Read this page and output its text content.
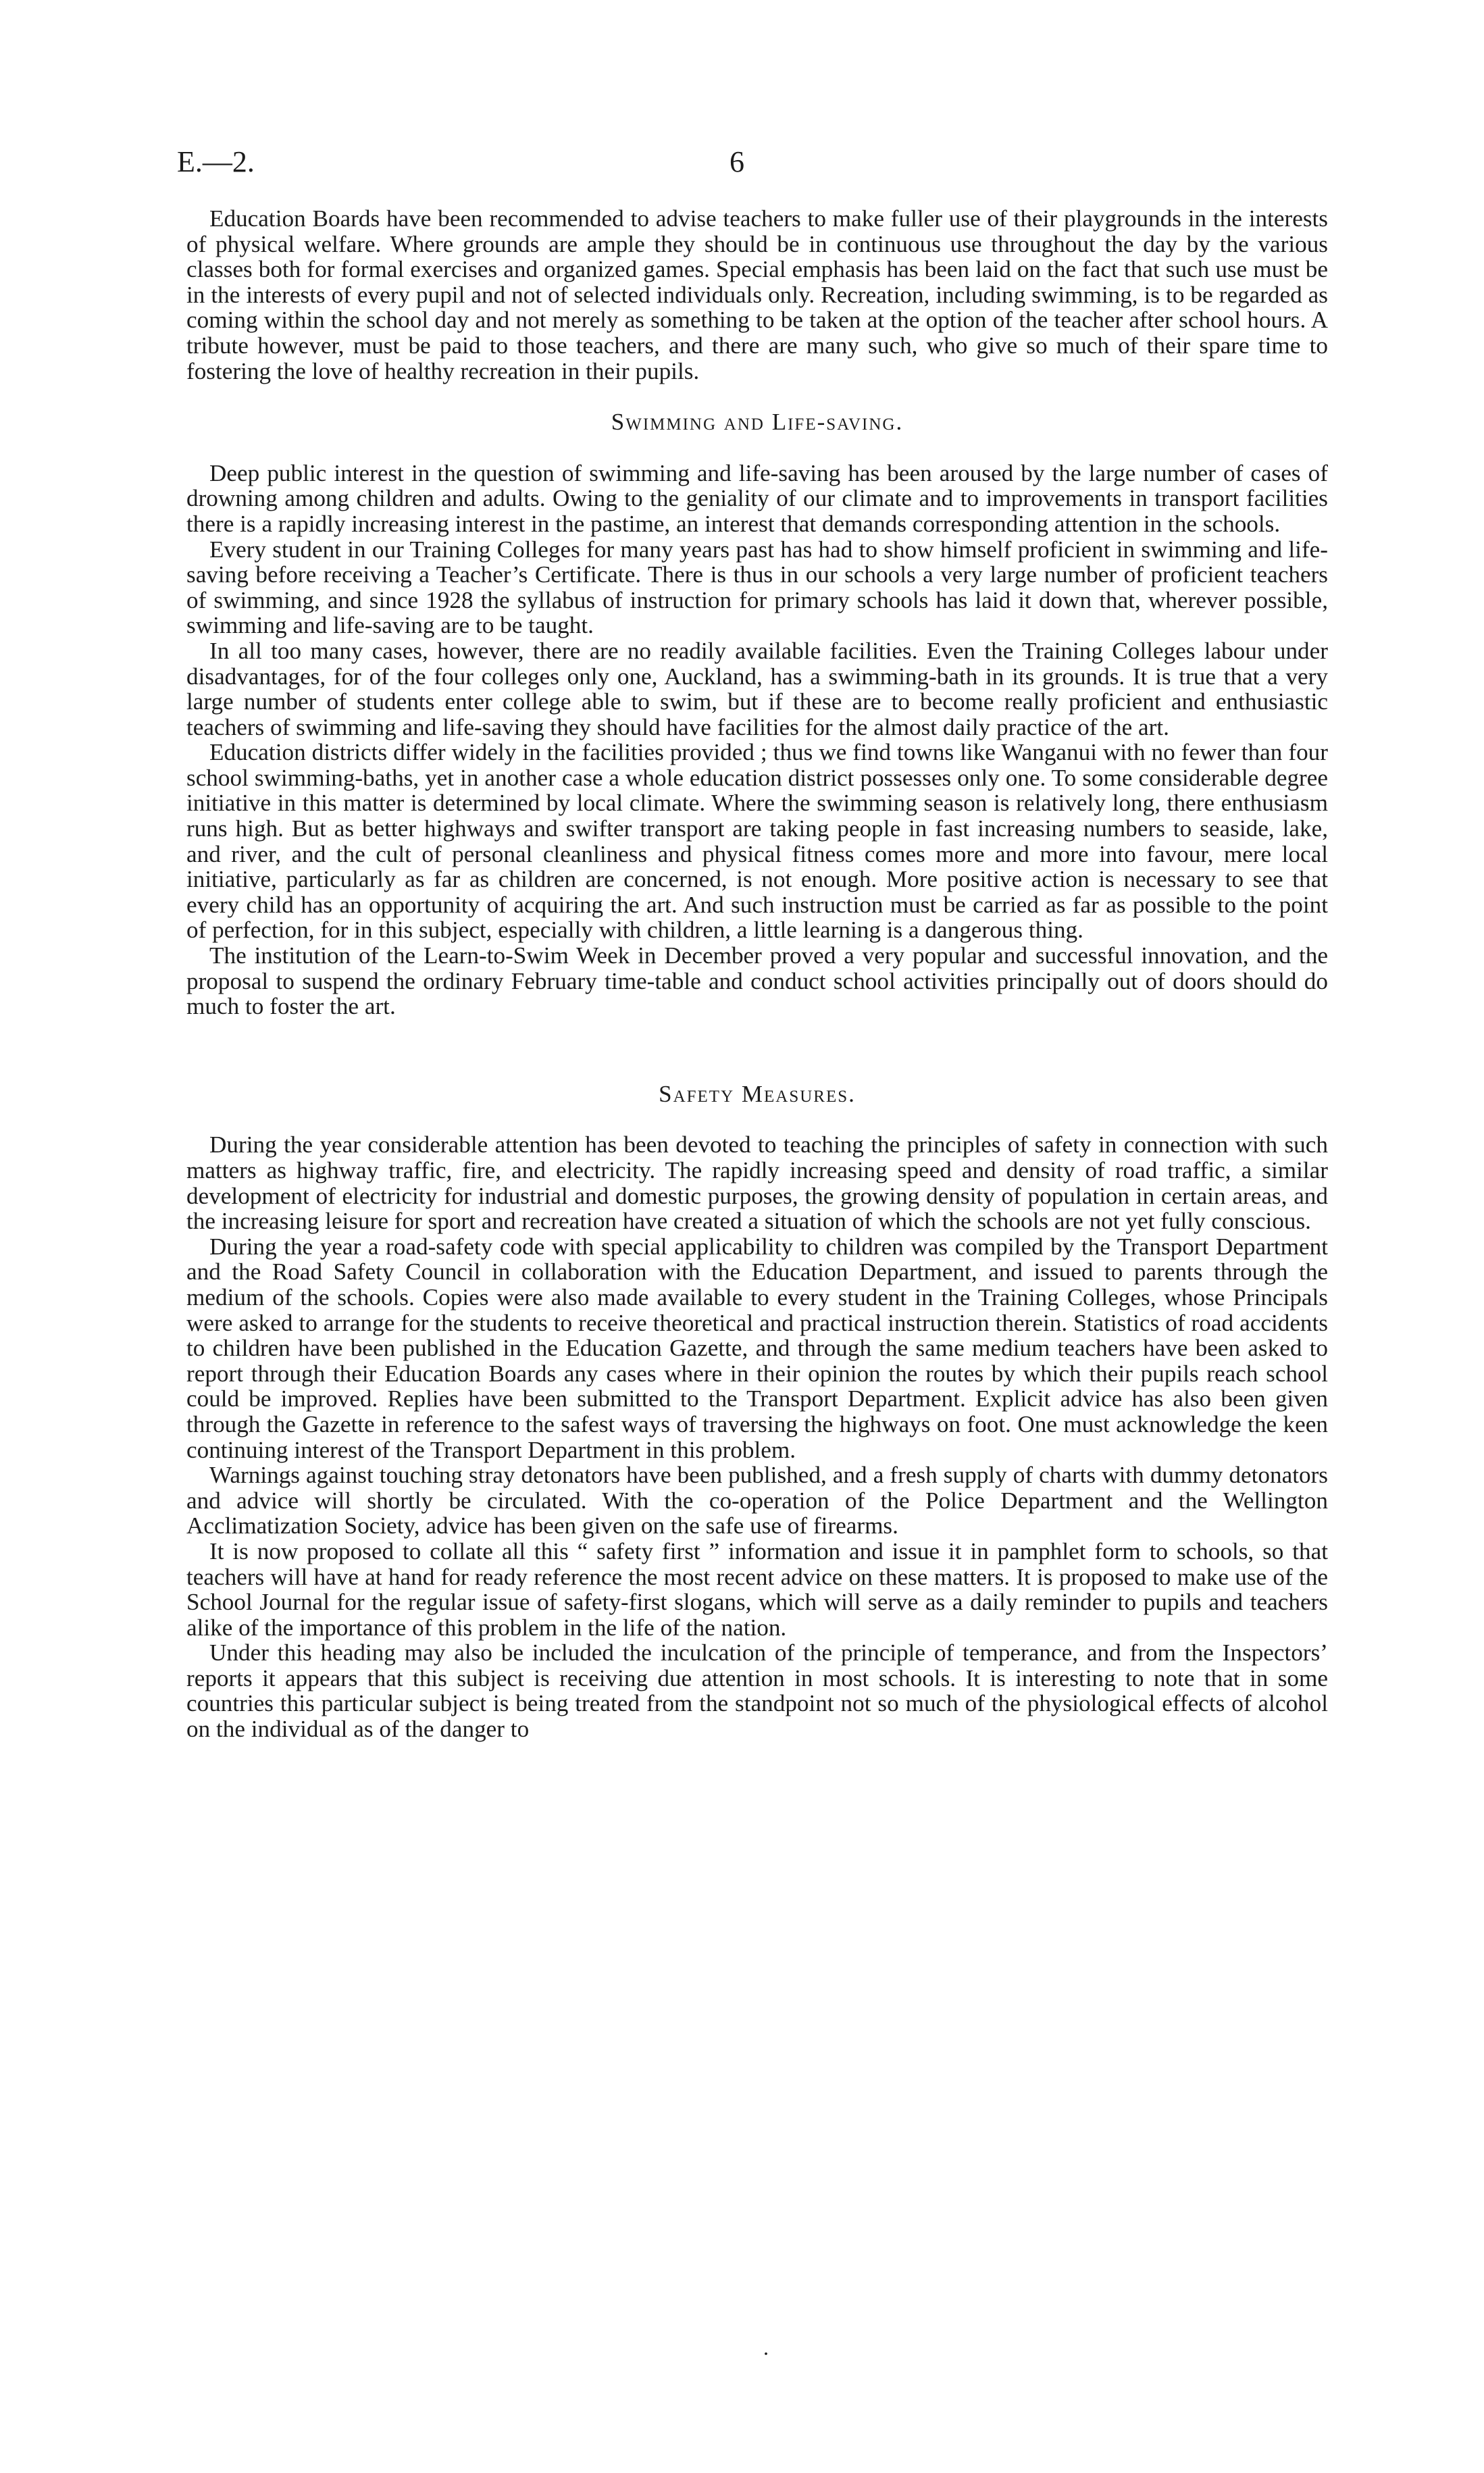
E.—2.	6

Education Boards have been recommended to advise teachers to make fuller use of their playgrounds in the interests of physical welfare. Where grounds are ample they should be in continuous use throughout the day by the various classes both for formal exercises and organized games. Special emphasis has been laid on the fact that such use must be in the interests of every pupil and not of selected individuals only. Recreation, including swimming, is to be regarded as coming within the school day and not merely as something to be taken at the option of the teacher after school hours. A tribute however, must be paid to those teachers, and there are many such, who give so much of their spare time to fostering the love of healthy recreation in their pupils.

Swimming and Life-saving.

Deep public interest in the question of swimming and life-saving has been aroused by the large number of cases of drowning among children and adults. Owing to the geniality of our climate and to improvements in transport facilities there is a rapidly increasing interest in the pastime, an interest that demands corresponding attention in the schools.

Every student in our Training Colleges for many years past has had to show himself proficient in swimming and life-saving before receiving a Teacher’s Certificate. There is thus in our schools a very large number of proficient teachers of swimming, and since 1928 the syllabus of instruction for primary schools has laid it down that, wherever possible, swimming and life-saving are to be taught.

In all too many cases, however, there are no readily available facilities. Even the Training Colleges labour under disadvantages, for of the four colleges only one, Auckland, has a swimming-bath in its grounds. It is true that a very large number of students enter college able to swim, but if these are to become really proficient and enthusiastic teachers of swimming and life-saving they should have facilities for the almost daily practice of the art.

Education districts differ widely in the facilities provided ; thus we find towns like Wanganui with no fewer than four school swimming-baths, yet in another case a whole education district possesses only one. To some considerable degree initiative in this matter is determined by local climate. Where the swimming season is relatively long, there enthusiasm runs high. But as better highways and swifter transport are taking people in fast increasing numbers to seaside, lake, and river, and the cult of personal cleanliness and physical fitness comes more and more into favour, mere local initiative, particularly as far as children are concerned, is not enough. More positive action is necessary to see that every child has an opportunity of acquiring the art. And such instruction must be carried as far as possible to the point of perfection, for in this subject, especially with children, a little learning is a dangerous thing.

The institution of the Learn-to-Swim Week in December proved a very popular and successful innovation, and the proposal to suspend the ordinary February time-table and conduct school activities principally out of doors should do much to foster the art.

Safety Measures.

During the year considerable attention has been devoted to teaching the principles of safety in connection with such matters as highway traffic, fire, and electricity. The rapidly increasing speed and density of road traffic, a similar development of electricity for industrial and domestic purposes, the growing density of population in certain areas, and the increasing leisure for sport and recreation have created a situation of which the schools are not yet fully conscious.

During the year a road-safety code with special applicability to children was compiled by the Transport Department and the Road Safety Council in collaboration with the Education Department, and issued to parents through the medium of the schools. Copies were also made available to every student in the Training Colleges, whose Principals were asked to arrange for the students to receive theoretical and practical instruction therein. Statistics of road accidents to children have been published in the Education Gazette, and through the same medium teachers have been asked to report through their Education Boards any cases where in their opinion the routes by which their pupils reach school could be improved. Replies have been submitted to the Transport Department. Explicit advice has also been given through the Gazette in reference to the safest ways of traversing the highways on foot. One must acknowledge the keen continuing interest of the Transport Department in this problem.

Warnings against touching stray detonators have been published, and a fresh supply of charts with dummy detonators and advice will shortly be circulated. With the co-operation of the Police Department and the Wellington Acclimatization Society, advice has been given on the safe use of firearms.

It is now proposed to collate all this “ safety first ” information and issue it in pamphlet form to schools, so that teachers will have at hand for ready reference the most recent advice on these matters. It is proposed to make use of the School Journal for the regular issue of safety-first slogans, which will serve as a daily reminder to pupils and teachers alike of the importance of this problem in the life of the nation.

Under this heading may also be included the inculcation of the principle of temperance, and from the Inspectors’ reports it appears that this subject is receiving due attention in most schools. It is interesting to note that in some countries this particular subject is being treated from the standpoint not so much of the physiological effects of alcohol on the individual as of the danger to

.
